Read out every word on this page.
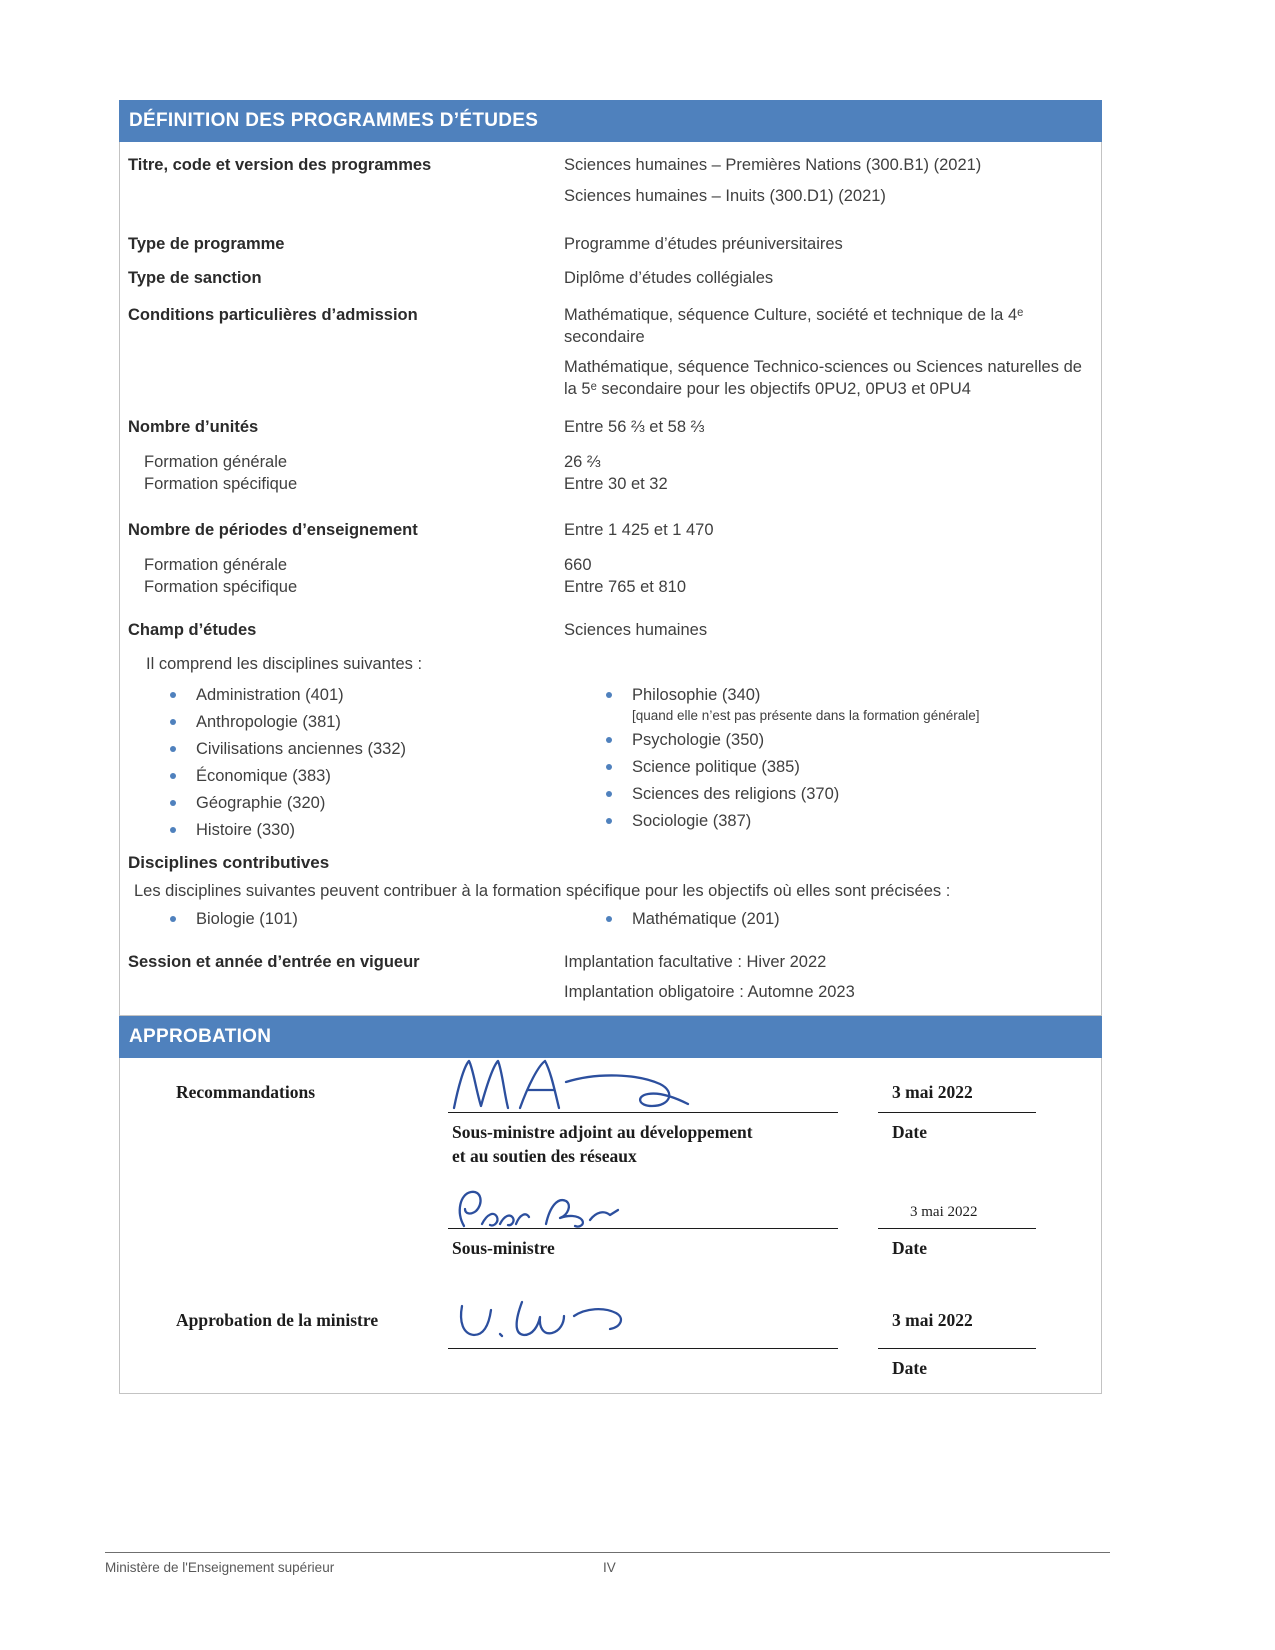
DÉFINITION DES PROGRAMMES D’ÉTUDES
Titre, code et version des programmes	Sciences humaines – Premières Nations (300.B1) (2021)

Sciences humaines – Inuits (300.D1) (2021)

Type de programme	Programme d’études préuniversitaires
Type de sanction	Diplôme d’études collégiales
Conditions particulières d’admission	Mathématique, séquence Culture, société et technique de la 4ᵉ secondaire

Mathématique, séquence Technico-sciences ou Sciences naturelles de la 5ᵉ secondaire pour les objectifs 0PU2, 0PU3 et 0PU4

Nombre d’unités	Entre 56 ⅔ et 58 ⅔
Formation générale	26 ⅔
Formation spécifique	Entre 30 et 32
Nombre de périodes d’enseignement	Entre 1 425 et 1 470
Formation générale	660
Formation spécifique	Entre 765 et 810
Champ d’études	Sciences humaines

Il comprend les disciplines suivantes :

Administration (401)
Anthropologie (381)
Civilisations anciennes (332)
Économique (383)
Géographie (320)
Histoire (330)
Philosophie (340)
[quand elle n’est pas présente dans la formation générale]
Psychologie (350)
Science politique (385)
Sciences des religions (370)
Sociologie (387)
Disciplines contributives

Les disciplines suivantes peuvent contribuer à la formation spécifique pour les objectifs où elles sont précisées :

Biologie (101)	Mathématique (201)
Session et année d’entrée en vigueur	Implantation facultative : Hiver 2022

Implantation obligatoire : Automne 2023

APPROBATION
Recommandations
Sous-ministre adjoint au développement
et au soutien des réseaux
3 mai 2022
Date
Sous-ministre
3 mai 2022
Date
Approbation de la ministre	3 mai 2022
Date
Ministère de l'Enseignement supérieur	IV
